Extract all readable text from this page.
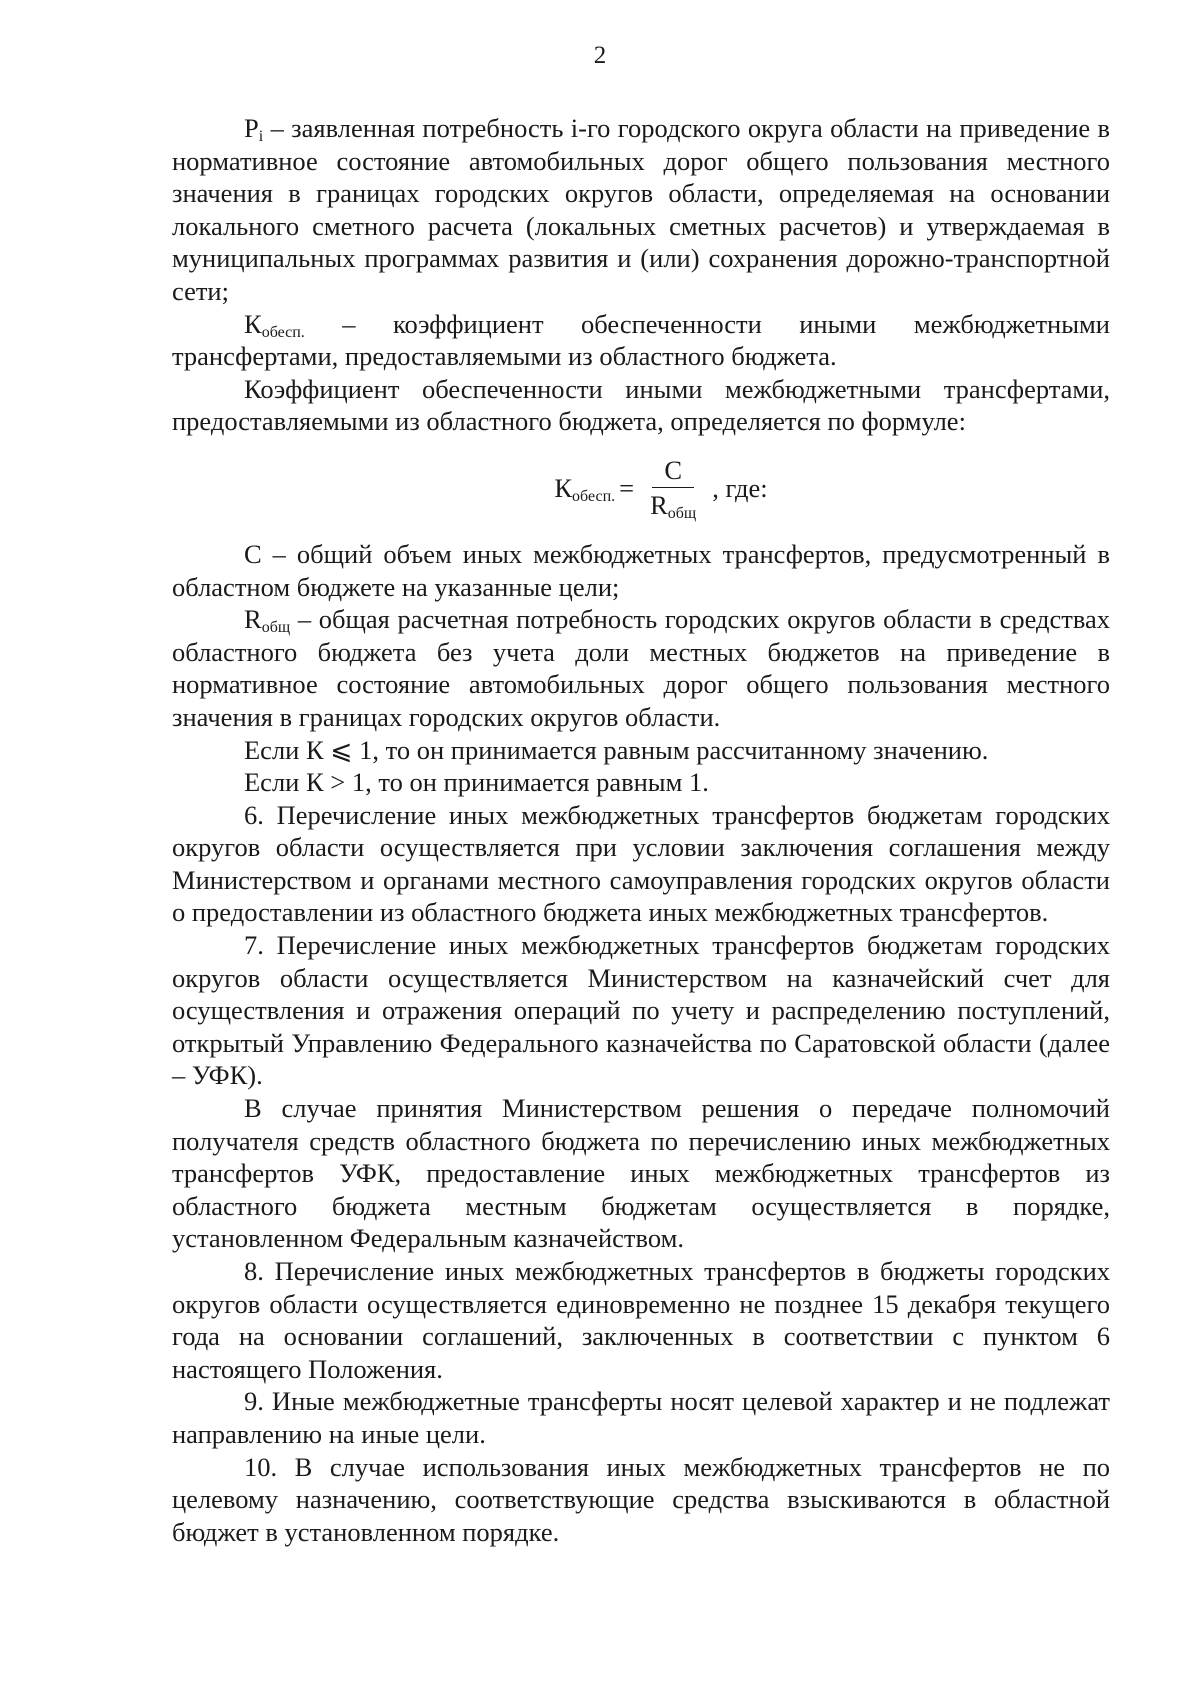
2

$P_i$ – заявленная потребность i-го городского округа области на приведение в нормативное состояние автомобильных дорог общего пользования местного значения в границах городских округов области, определяемая на основании локального сметного расчета (локальных сметных расчетов) и утверждаемая в муниципальных программах развития и (или) сохранения дорожно-транспортной сети;

$К_{обесп.}$ – коэффициент обеспеченности иными межбюджетными трансфертами, предоставляемыми из областного бюджета.

Коэффициент обеспеченности иными межбюджетными трансфертами, предоставляемыми из областного бюджета, определяется по формуле:

$К_{обесп.} = \frac{С}{R_{общ}}$ , где:

С – общий объем иных межбюджетных трансфертов, предусмотренный в областном бюджете на указанные цели;

$R_{общ}$ – общая расчетная потребность городских округов области в средствах областного бюджета без учета доли местных бюджетов на приведение в нормативное состояние автомобильных дорог общего пользования местного значения в границах городских округов области.

Если К ⩽ 1, то он принимается равным рассчитанному значению.

Если К > 1, то он принимается равным 1.

6. Перечисление иных межбюджетных трансфертов бюджетам городских округов области осуществляется при условии заключения соглашения между Министерством и органами местного самоуправления городских округов области о предоставлении из областного бюджета иных межбюджетных трансфертов.

7. Перечисление иных межбюджетных трансфертов бюджетам городских округов области осуществляется Министерством на казначейский счет для осуществления и отражения операций по учету и распределению поступлений, открытый Управлению Федерального казначейства по Саратовской области (далее – УФК).

В случае принятия Министерством решения о передаче полномочий получателя средств областного бюджета по перечислению иных межбюджетных трансфертов УФК, предоставление иных межбюджетных трансфертов из областного бюджета местным бюджетам осуществляется в порядке, установленном Федеральным казначейством.

8. Перечисление иных межбюджетных трансфертов в бюджеты городских округов области осуществляется единовременно не позднее 15 декабря текущего года на основании соглашений, заключенных в соответствии с пунктом 6 настоящего Положения.

9. Иные межбюджетные трансферты носят целевой характер и не подлежат направлению на иные цели.

10. В случае использования иных межбюджетных трансфертов не по целевому назначению, соответствующие средства взыскиваются в областной бюджет в установленном порядке.
